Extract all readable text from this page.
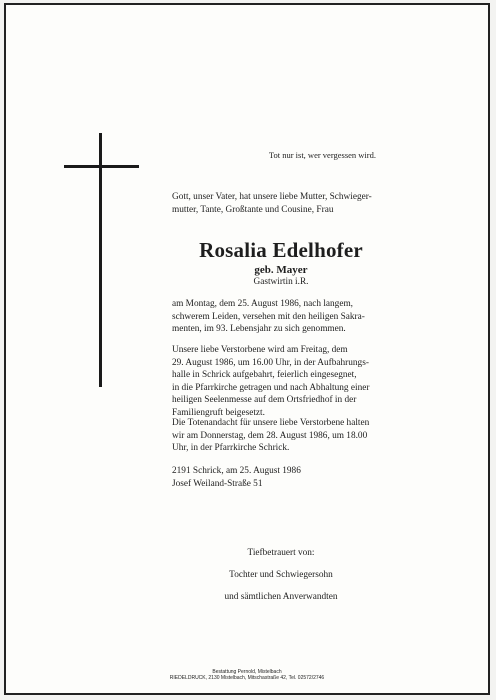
Tot nur ist, wer vergessen wird.
Gott, unser Vater, hat unsere liebe Mutter, Schwieger-
mutter, Tante, Großtante und Cousine, Frau
Rosalia Edelhofer
geb. Mayer
Gastwirtin i.R.
am Montag, dem 25. August 1986, nach langem,
schwerem Leiden, versehen mit den heiligen Sakra-
menten, im 93. Lebensjahr zu sich genommen.
Unsere liebe Verstorbene wird am Freitag, dem
29. August 1986, um 16.00 Uhr, in der Aufbahrungs-
halle in Schrick aufgebahrt, feierlich eingesegnet,
in die Pfarrkirche getragen und nach Abhaltung einer
heiligen Seelenmesse auf dem Ortsfriedhof in der
Familiengruft beigesetzt.
Die Totenandacht für unsere liebe Verstorbene halten
wir am Donnerstag, dem 28. August 1986, um 18.00
Uhr, in der Pfarrkirche Schrick.
2191 Schrick, am 25. August 1986
Josef Weiland-Straße 51
Tiefbetrauert von:
Tochter und Schwiegersohn
und sämtlichen Anverwandten
Bestattung Pernold, Mistelbach
RIEDELDRUCK, 2130 Mistelbach, Mitschastraße 42, Tel. 02572/2746
